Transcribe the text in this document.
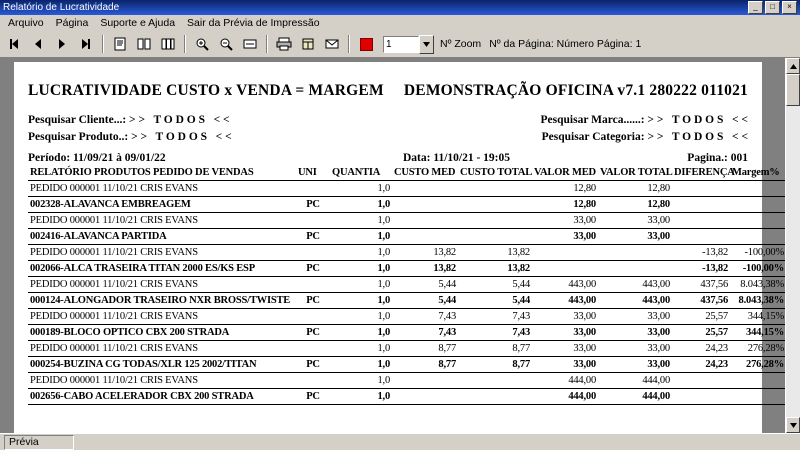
Relatório de Lucratividade	_	□	×
Arquivo	Página	Suporte e Ajuda	Sair da Prévia de Impressão
1	Nº Zoom Nº da Página: Número Página: 1
LUCRATIVIDADE CUSTO x VENDA = MARGEM DEMONSTRAÇÃO OFICINA v7.1 280222 011021
Pesquisar Cliente...: > >   T O D O S   < <	Pesquisar Marca......: > >   T O D O S   < <
Pesquisar Produto..: > >   T O D O S   < <	Pesquisar Categoria: > >   T O D O S   < <
Período: 11/09/21 à 09/01/22	Data: 11/10/21 - 19:05	Pagina.: 001
RELATÓRIO PRODUTOS PEDIDO DE VENDAS	UNI	QUANTIA	CUSTO MED	CUSTO TOTAL	VALOR MED	VALOR TOTAL	DIFERENÇA	Margem%
PEDIDO 000001 11/10/21 CRIS EVANS		1,0			12,80	12,80		
002328-ALAVANCA EMBREAGEM	PC	1,0			12,80	12,80		
PEDIDO 000001 11/10/21 CRIS EVANS		1,0			33,00	33,00		
002416-ALAVANCA PARTIDA	PC	1,0			33,00	33,00		
PEDIDO 000001 11/10/21 CRIS EVANS		1,0	13,82	13,82			-13,82	-100,00%
002066-ALCA TRASEIRA TITAN 2000 ES/KS ESP	PC	1,0	13,82	13,82			-13,82	-100,00%
PEDIDO 000001 11/10/21 CRIS EVANS		1,0	5,44	5,44	443,00	443,00	437,56	8.043,38%
000124-ALONGADOR TRASEIRO NXR BROSS/TWISTE	PC	1,0	5,44	5,44	443,00	443,00	437,56	8.043,38%
PEDIDO 000001 11/10/21 CRIS EVANS		1,0	7,43	7,43	33,00	33,00	25,57	344,15%
000189-BLOCO OPTICO CBX 200 STRADA	PC	1,0	7,43	7,43	33,00	33,00	25,57	344,15%
PEDIDO 000001 11/10/21 CRIS EVANS		1,0	8,77	8,77	33,00	33,00	24,23	276,28%
000254-BUZINA CG TODAS/XLR 125 2002/TITAN	PC	1,0	8,77	8,77	33,00	33,00	24,23	276,28%
PEDIDO 000001 11/10/21 CRIS EVANS		1,0			444,00	444,00		
002656-CABO ACELERADOR CBX 200 STRADA	PC	1,0			444,00	444,00		
Prévia
